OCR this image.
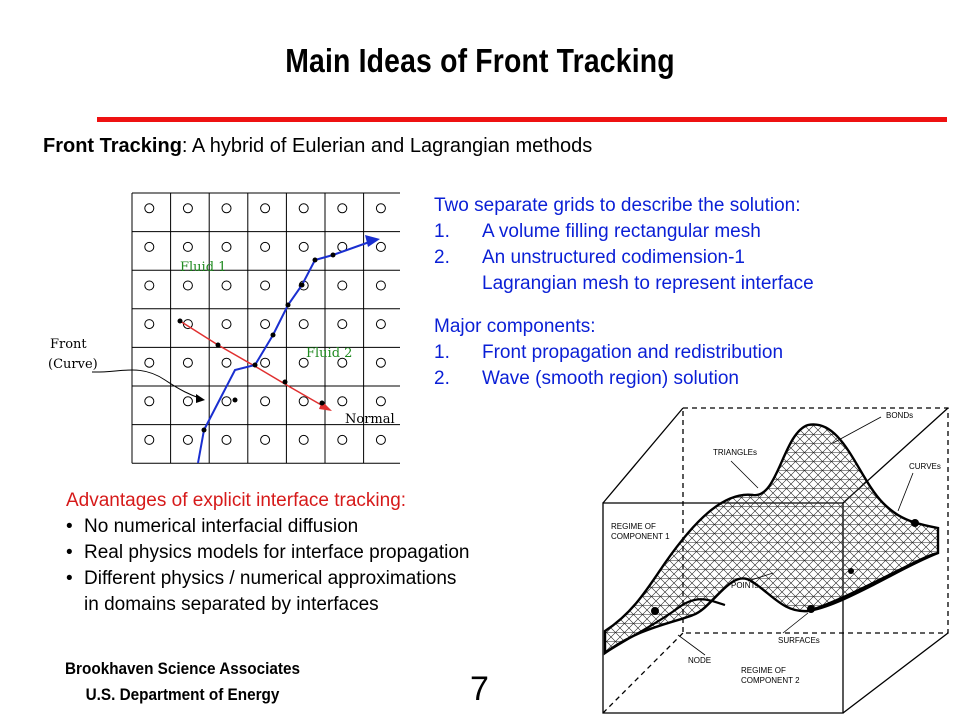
Main Ideas of Front Tracking
Front Tracking: A hybrid of Eulerian and Lagrangian methods
Two separate grids to describe the solution:
1. A volume filling rectangular mesh
2. An unstructured codimension-1
Lagrangian mesh to represent interface
Major components:
1. Front propagation and redistribution
2. Wave (smooth region) solution
Advantages of explicit interface tracking:
• No numerical interfacial diffusion
• Real physics models for interface propagation
• Different physics / numerical approximations
in domains separated by interfaces
Fluid 1
Fluid 2
Front
(Curve)
Normal	BONDs
TRIANGLEs
CURVEs
REGIME OF
COMPONENT 1
POINTs
SURFACEs
NODE
REGIME OF
COMPONENT 2
Brookhaven Science Associates
U.S. Department of Energy	7
